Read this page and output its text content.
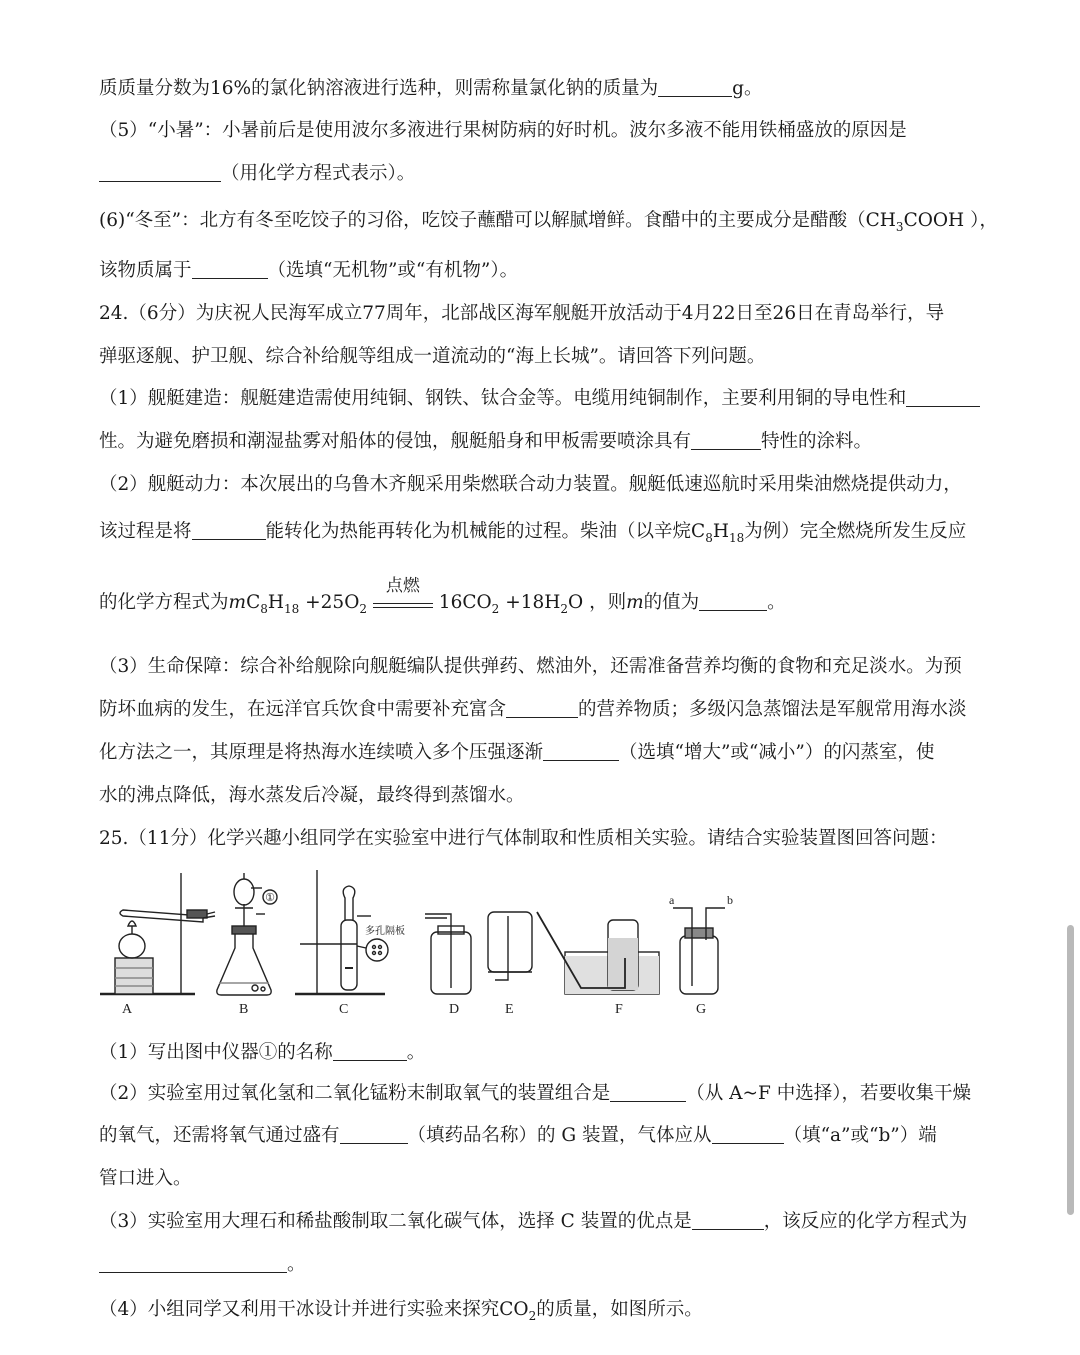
质质量分数为16%的氯化钠溶液进行选种，则需称量氯化钠的质量为	g。
（5）“小暑”：小暑前后是使用波尔多液进行果树防病的好时机。波尔多液不能用铁桶盛放的原因是
（用化学方程式表示）。
(6)“冬至”：北方有冬至吃饺子的习俗，吃饺子蘸醋可以解腻增鲜。食醋中的主要成分是醋酸（$CH_3COOH$ ），
该物质属于	（选填“无机物”或“有机物”）。
24.（6分）为庆祝人民海军成立77周年，北部战区海军舰艇开放活动于4月22日至26日在青岛举行，导
弹驱逐舰、护卫舰、综合补给舰等组成一道流动的“海上长城”。请回答下列问题。
（1）舰艇建造：舰艇建造需使用纯铜、钢铁、钛合金等。电缆用纯铜制作，主要利用铜的导电性和
性。为避免磨损和潮湿盐雾对船体的侵蚀，舰艇船身和甲板需要喷涂具有	特性的涂料。
（2）舰艇动力：本次展出的乌鲁木齐舰采用柴燃联合动力装置。舰艇低速巡航时采用柴油燃烧提供动力，
该过程是将	能转化为热能再转化为机械能的过程。柴油（以辛烷$C_8H_{18}$为例）完全燃烧所发生反应
的化学方程式为$mC_8H_{18} +25O_2$
点燃
$16CO_2 +18H_2O$ ，则m的值为	。
（3）生命保障：综合补给舰除向舰艇编队提供弹药、燃油外，还需准备营养均衡的食物和充足淡水。为预
防坏血病的发生，在远洋官兵饮食中需要补充富含	的营养物质；多级闪急蒸馏法是军舰常用海水淡
化方法之一，其原理是将热海水连续喷入多个压强逐渐	（选填“增大”或“减小”）的闪蒸室，使
水的沸点降低，海水蒸发后冷凝，最终得到蒸馏水。
25.（11分）化学兴趣小组同学在实验室中进行气体制取和性质相关实验。请结合实验装置图回答问题：
①
多孔隔板
a	b
A	B	C	D	E	F	G
（1）写出图中仪器①的名称	。
（2）实验室用过氧化氢和二氧化锰粉末制取氧气的装置组合是	（从 A~F 中选择），若要收集干燥
的氧气，还需将氧气通过盛有	（填药品名称）的 G 装置，气体应从	（填“a”或“b”）端
管口进入。
（3）实验室用大理石和稀盐酸制取二氧化碳气体，选择 C 装置的优点是	，该反应的化学方程式为
。
（4）小组同学又利用干冰设计并进行实验来探究$CO_2$的质量，如图所示。
